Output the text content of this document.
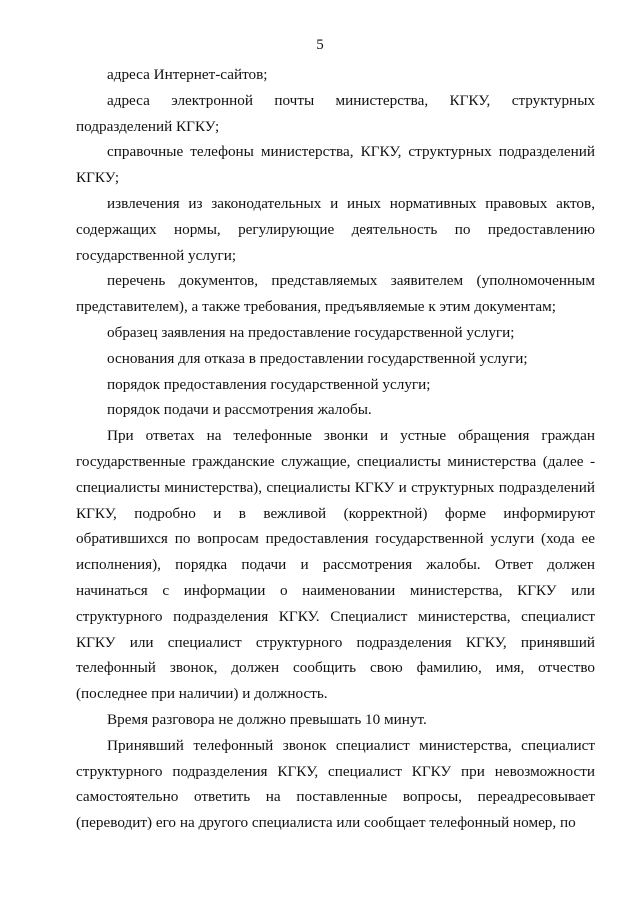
5

адреса Интернет-сайтов;

адреса электронной почты министерства, КГКУ, структурных подразделений КГКУ;

справочные телефоны министерства, КГКУ, структурных подразделений КГКУ;

извлечения из законодательных и иных нормативных правовых актов, содержащих нормы, регулирующие деятельность по предоставлению государственной услуги;

перечень документов, представляемых заявителем (уполномоченным представителем), а также требования, предъявляемые к этим документам;

образец заявления на предоставление государственной услуги;

основания для отказа в предоставлении государственной услуги;

порядок предоставления государственной услуги;

порядок подачи и рассмотрения жалобы.

При ответах на телефонные звонки и устные обращения граждан государственные гражданские служащие, специалисты министерства (далее - специалисты министерства), специалисты КГКУ и структурных подразделений КГКУ, подробно и в вежливой (корректной) форме информируют обратившихся по вопросам предоставления государственной услуги (хода ее исполнения), порядка подачи и рассмотрения жалобы. Ответ должен начинаться с информации о наименовании министерства, КГКУ или структурного подразделения КГКУ. Специалист министерства, специалист КГКУ или специалист структурного подразделения КГКУ, принявший телефонный звонок, должен сообщить свою фамилию, имя, отчество (последнее при наличии) и должность.

Время разговора не должно превышать 10 минут.

Принявший телефонный звонок специалист министерства, специалист структурного подразделения КГКУ, специалист КГКУ при невозможности самостоятельно ответить на поставленные вопросы, переадресовывает (переводит) его на другого специалиста или сообщает телефонный номер, по
